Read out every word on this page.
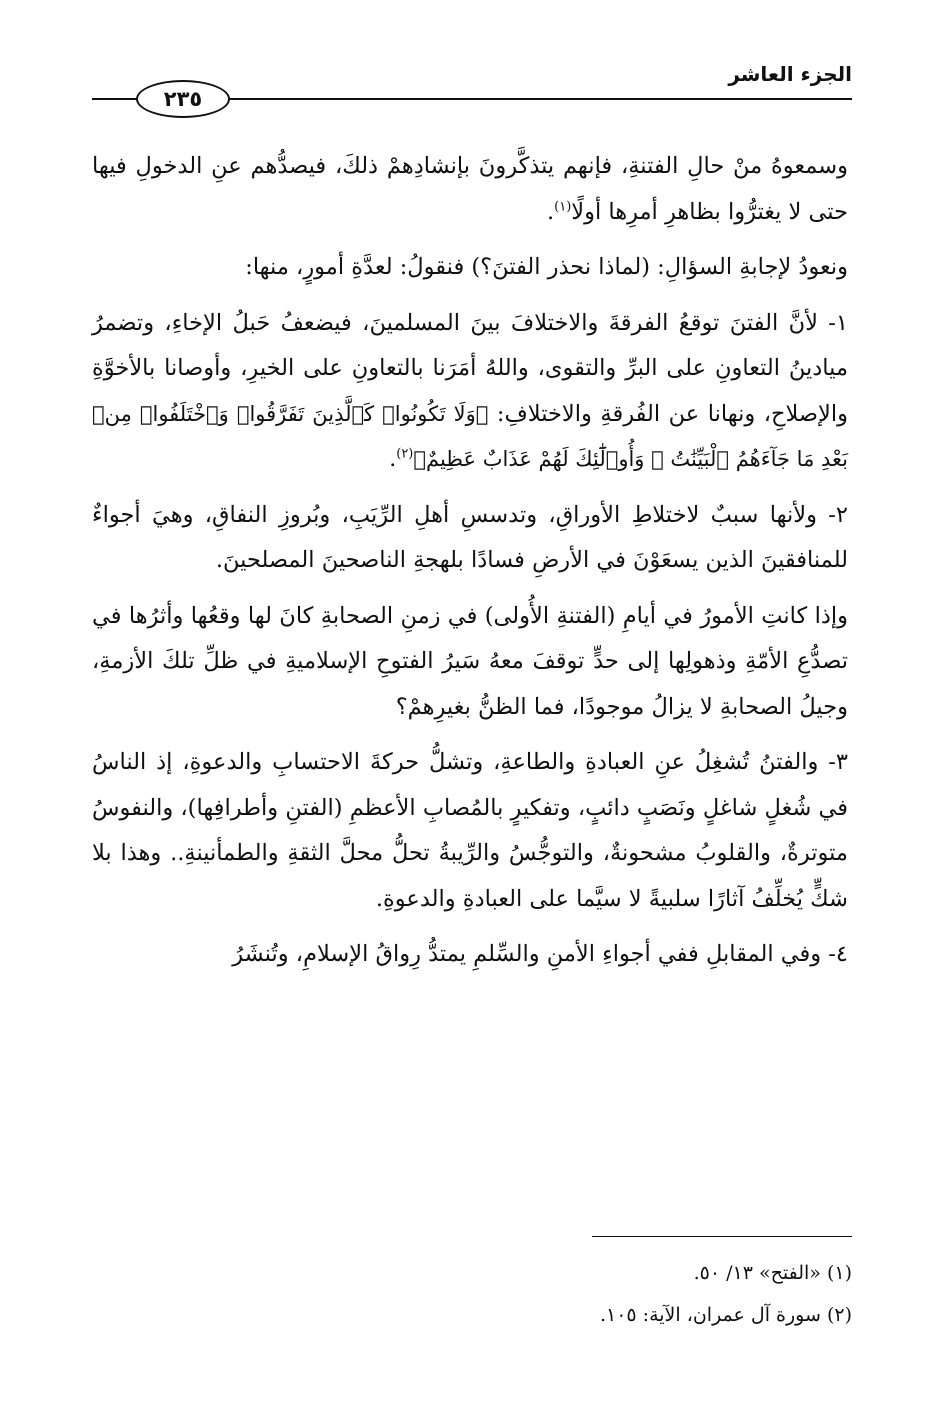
الجزء العاشر
٢٣٥

وسمعوهُ منْ حالِ الفتنةِ، فإنهم يتذكَّرونَ بإنشادِهمْ ذلكَ، فيصدُّهم عنِ الدخولِ فيها حتى لا يغترُّوا بظاهرِ أمرِها أولًا$^{(١)}$.

ونعودُ لإجابةِ السؤالِ: (لماذا نحذر الفتنَ؟) فنقولُ: لعدَّةِ أمورٍ، منها:

١- لأنَّ الفتنَ توقعُ الفرقةَ والاختلافَ بينَ المسلمينَ، فيضعفُ حَبلُ الإخاءِ، وتضمرُ ميادينُ التعاونِ على البرِّ والتقوى، واللهُ أمَرَنا بالتعاونِ على الخيرِ، وأوصانا بالأخوَّةِ والإصلاحِ، ونهانا عن الفُرقةِ والاختلافِ: ﴿وَلَا تَكُونُوا۟ كَٱلَّذِينَ تَفَرَّقُوا۟ وَٱخْتَلَفُوا۟ مِنۢ بَعْدِ مَا جَآءَهُمُ ٱلْبَيِّنَٰتُ ۚ وَأُو۟لَٰٓئِكَ لَهُمْ عَذَابٌ عَظِيمٌ﴾$^{(٢)}$.

٢- ولأنها سببٌ لاختلاطِ الأوراقِ، وتدسسِ أهلِ الرِّيَبِ، وبُروزِ النفاقِ، وهيَ أجواءٌ للمنافقينَ الذين يسعَوْنَ في الأرضِ فسادًا بلهجةِ الناصحينَ المصلحينَ.

وإذا كانتِ الأمورُ في أيامِ (الفتنةِ الأُولى) في زمنِ الصحابةِ كانَ لها وقعُها وأثرُها في تصدُّعِ الأمّةِ وذهولِها إلى حدٍّ توقفَ معهُ سَيرُ الفتوحِ الإسلاميةِ في ظلِّ تلكَ الأزمةِ، وجيلُ الصحابةِ لا يزالُ موجودًا، فما الظنُّ بغيرِهمْ؟

٣- والفتنُ تُشغِلُ عنِ العبادةِ والطاعةِ، وتشلُّ حركةَ الاحتسابِ والدعوةِ، إذ الناسُ في شُغلٍ شاغلٍ ونَصَبٍ دائبٍ، وتفكيرٍ بالمُصابِ الأعظمِ (الفتنِ وأطرافِها)، والنفوسُ متوترةٌ، والقلوبُ مشحونةٌ، والتوجُّسُ والرِّيبةُ تحلُّ محلَّ الثقةِ والطمأنينةِ.. وهذا بلا شكٍّ يُخلِّفُ آثارًا سلبيةً لا سيَّما على العبادةِ والدعوةِ.

٤- وفي المقابلِ ففي أجواءِ الأمنِ والسِّلمِ يمتدُّ رِواقُ الإسلامِ، وتُنشَرُ

(١) «الفتح» ١٣/ ٥٠.
(٢) سورة آل عمران، الآية: ١٠٥.
